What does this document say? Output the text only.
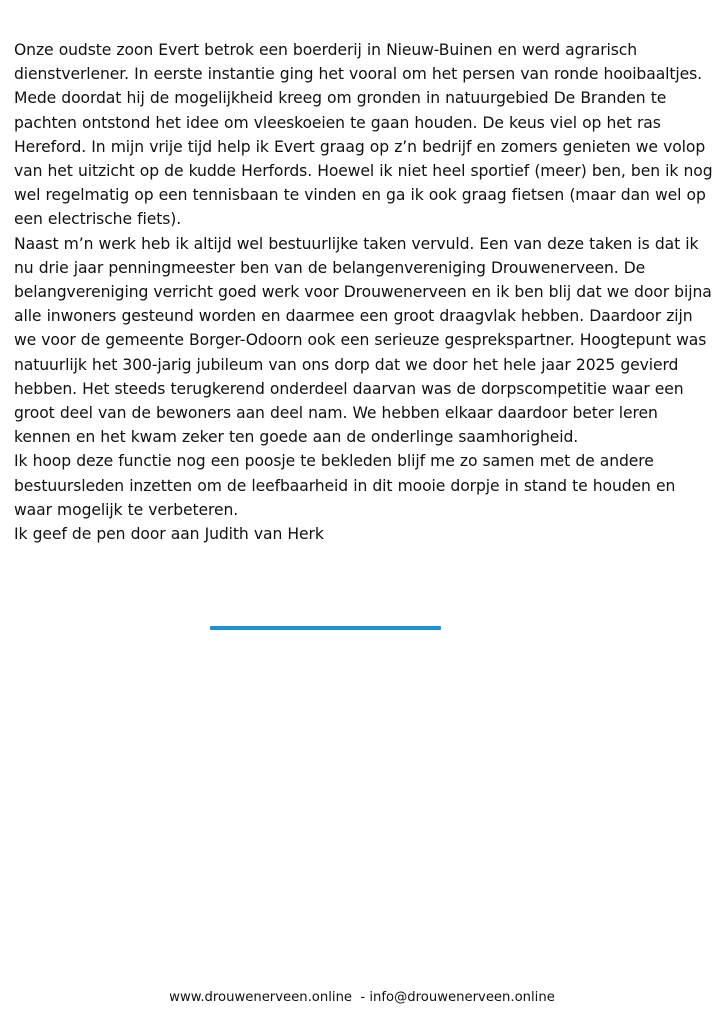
Onze oudste zoon Evert betrok een boerderij in Nieuw-Buinen en werd agrarisch dienstverlener. In eerste instantie ging het vooral om het persen van ronde hooibaaltjes. Mede doordat hij de mogelijkheid kreeg om gronden in natuurgebied De Branden te pachten ontstond het idee om vleeskoeien te gaan houden. De keus viel op het ras Hereford. In mijn vrije tijd help ik Evert graag op z’n bedrijf en zomers genieten we volop van het uitzicht op de kudde Herfords. Hoewel ik niet heel sportief (meer) ben, ben ik nog wel regelmatig op een tennisbaan te vinden en ga ik ook graag fietsen (maar dan wel op een electrische fiets).

Naast m’n werk heb ik altijd wel bestuurlijke taken vervuld. Een van deze taken is dat ik nu drie jaar penningmeester ben van de belangenvereniging Drouwenerveen. De belangvereniging verricht goed werk voor Drouwenerveen en ik ben blij dat we door bijna alle inwoners gesteund worden en daarmee een groot draagvlak hebben. Daardoor zijn we voor de gemeente Borger-Odoorn ook een serieuze gesprekspartner. Hoogtepunt was natuurlijk het 300-jarig jubileum van ons dorp dat we door het hele jaar 2025 gevierd hebben. Het steeds terugkerend onderdeel daarvan was de dorpscompetitie waar een groot deel van de bewoners aan deel nam. We hebben elkaar daardoor beter leren kennen en het kwam zeker ten goede aan de onderlinge saamhorigheid.

Ik hoop deze functie nog een poosje te bekleden blijf me zo samen met de andere bestuursleden inzetten om de leefbaarheid in dit mooie dorpje in stand te houden en waar mogelijk te verbeteren.

Ik geef de pen door aan Judith van Herk

www.drouwenerveen.online  - info@drouwenerveen.online
